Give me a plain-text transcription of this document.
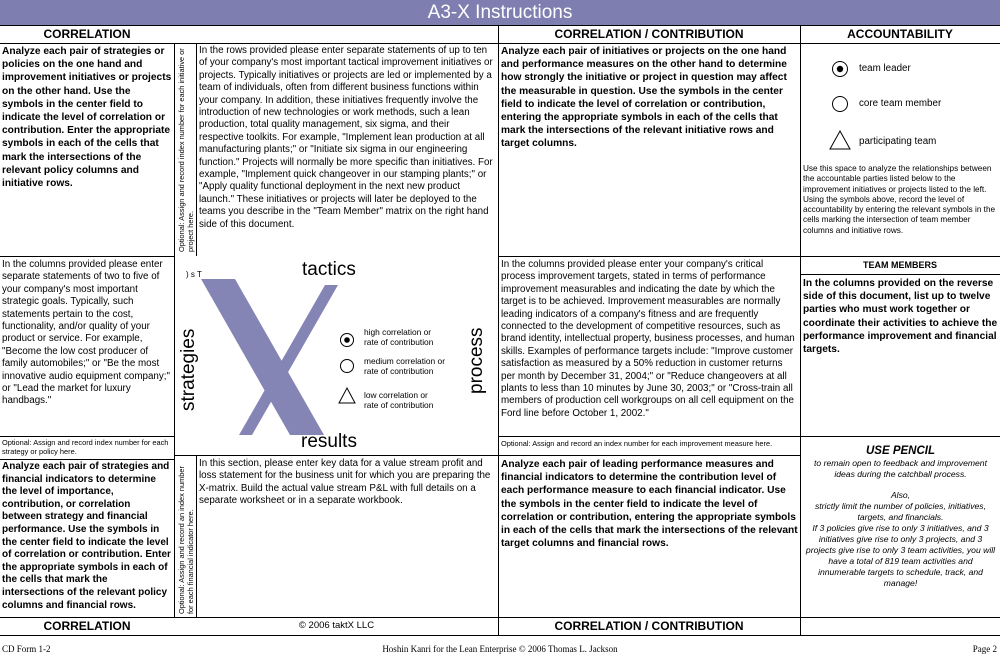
A3-X Instructions
CORRELATION	CORRELATION / CONTRIBUTION	ACCOUNTABILITY
Analyze each pair of strategies or policies on the one hand and improvement initiatives or projects on the other hand. Use the symbols in the center field to indicate the level of correlation or contribution. Enter the appropriate symbols in each of the cells that mark the intersections of the relevant policy columns and initiative rows.	Optional: Assign and record index number for each initiative or project here.
In the rows provided please enter separate statements of up to ten of your company's most important tactical improvement initiatives or projects. Typically initiatives or projects are led or implemented by a team of individuals, often from different business functions within your company. In addition, these initiatives frequently involve the introduction of new technologies or work methods, such a lean production, total quality management, six sigma, and their respective toolkits. For example, "Implement lean production at all manufacturing plants;" or "Initiate six sigma in our engineering function." Projects will normally be more specific than initiatives. For example, "Implement quick changeover in our stamping plants;" or "Apply quality functional deployment in the next new product launch." These initiatives or projects will later be deployed to the teams you describe in the "Team Member" matrix on the right hand side of this document.
Analyze each pair of initiatives or projects on the one hand and performance measures on the other hand to determine how strongly the initiative or project in question may affect the measurable in question. Use the symbols in the center field to indicate the level of correlation or contribution, entering the appropriate symbols in each of the cells that mark the intersections of the relevant initiative rows and target columns.
team leader
core team member
participating team
Use this space to analyze the relationships between the accountable parties listed below to the improvement initiatives or projects listed to the left. Using the symbols above, record the level of accountability by entering the relevant symbols in the cells marking the intersection of team member columns and initiative rows.
TEAM MEMBERS
In the columns provided on the reverse side of this document, list up to twelve parties who must work together or coordinate their activities to achieve the performance improvement and financial targets.
In the columns provided please enter separate statements of two to five of your company's most important strategic goals. Typically, such statements pertain to the cost, functionality, and/or quality of your product or service. For example, "Become the low cost producer of family automobiles;" or "Be the most innovative audio equipment company;" or "Lead the market for luxury handbags."
Optional: Assign and record index number for each strategy or policy here.
) s T	tactics
strategies	process
results
high correlation or
rate of contribution
medium correlation or
rate of contribution
low correlation or
rate of contribution
In the columns provided please enter your company's critical process improvement targets, stated in terms of performance improvement measurables and indicating the date by which the target is to be achieved. Improvement measurables are normally leading indicators of a company's fitness and are frequently connected to the development of competitive resources, such as brand identity, intellectual property, business processes, and human skills. Examples of performance targets include: "Improve customer satisfaction as measured by a 50% reduction in customer returns per month by December 31, 2004;" or "Reduce changeovers at all plants to less than 10 minutes by June 30, 2003;" or "Cross-train all members of production cell workgroups on all cell equipment on the Ford line before October 1, 2002."
Optional: Assign and record an index number for each improvement measure here.
Analyze each pair of strategies and financial indicators to determine the level of importance, contribution, or correlation between strategy and financial performance. Use the symbols in the center field to indicate the level of correlation or contribution. Enter the appropriate symbols in each of the cells that mark the intersections of the relevant policy columns and financial rows.	Optional: Assign and record an index number for each financial indicator here.
In this section, please enter key data for a value stream profit and loss statement for the business unit for which you are preparing the X-matrix. Build the actual value stream P&L with full details on a separate worksheet or in a separate workbook.
Analyze each pair of leading performance measures and financial indicators to determine the contribution level of each performance measure to each financial indicator. Use the symbols in the center field to indicate the level of correlation or contribution, entering the appropriate symbols in each of the cells that mark the intersections of the relevant target columns and financial rows.
USE PENCIL
to remain open to feedback and improvement ideas during the catchball process.
Also,
strictly limit the number of policies, initiatives, targets, and financials.
If 3 policies give rise to only 3 initiatives, and 3 initiatives give rise to only 3 projects, and 3 projects give rise to only 3 team activities, you will have a total of 819 team activities and innumerable targets to schedule, track, and manage!
CORRELATION	© 2006 taktX LLC	CORRELATION / CONTRIBUTION
CD Form 1-2	Hoshin Kanri for the Lean Enterprise © 2006 Thomas L. Jackson	Page 2
